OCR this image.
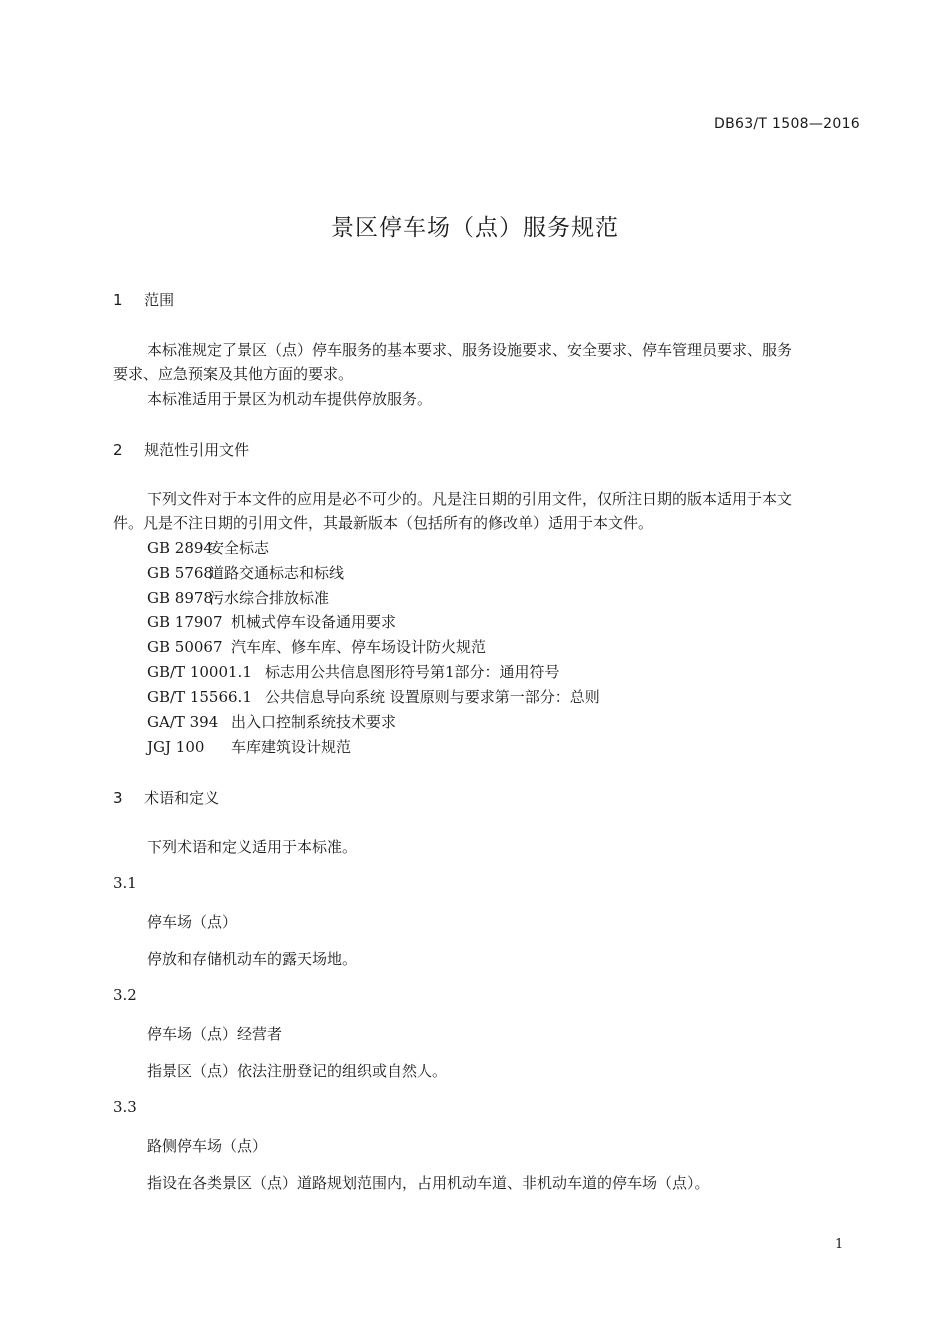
DB63/T 1508—2016
景区停车场（点）服务规范
1 范围
本标准规定了景区（点）停车服务的基本要求、服务设施要求、安全要求、停车管理员要求、服务
要求、应急预案及其他方面的要求。
本标准适用于景区为机动车提供停放服务。
2 规范性引用文件
下列文件对于本文件的应用是必不可少的。凡是注日期的引用文件，仅所注日期的版本适用于本文
件。凡是不注日期的引用文件，其最新版本（包括所有的修改单）适用于本文件。
GB 2894安全标志
GB 5768道路交通标志和标线
GB 8978污水综合排放标准
GB 17907 机械式停车设备通用要求
GB 50067 汽车库、修车库、停车场设计防火规范
GB/T 10001.1 标志用公共信息图形符号第1部分：通用符号
GB/T 15566.1 公共信息导向系统 设置原则与要求第一部分：总则
GA/T 394 出入口控制系统技术要求
JGJ 100 车库建筑设计规范
3 术语和定义
下列术语和定义适用于本标准。
3.1
停车场（点）
停放和存储机动车的露天场地。
3.2
停车场（点）经营者
指景区（点）依法注册登记的组织或自然人。
3.3
路侧停车场（点）
指设在各类景区（点）道路规划范围内，占用机动车道、非机动车道的停车场（点）。
1
